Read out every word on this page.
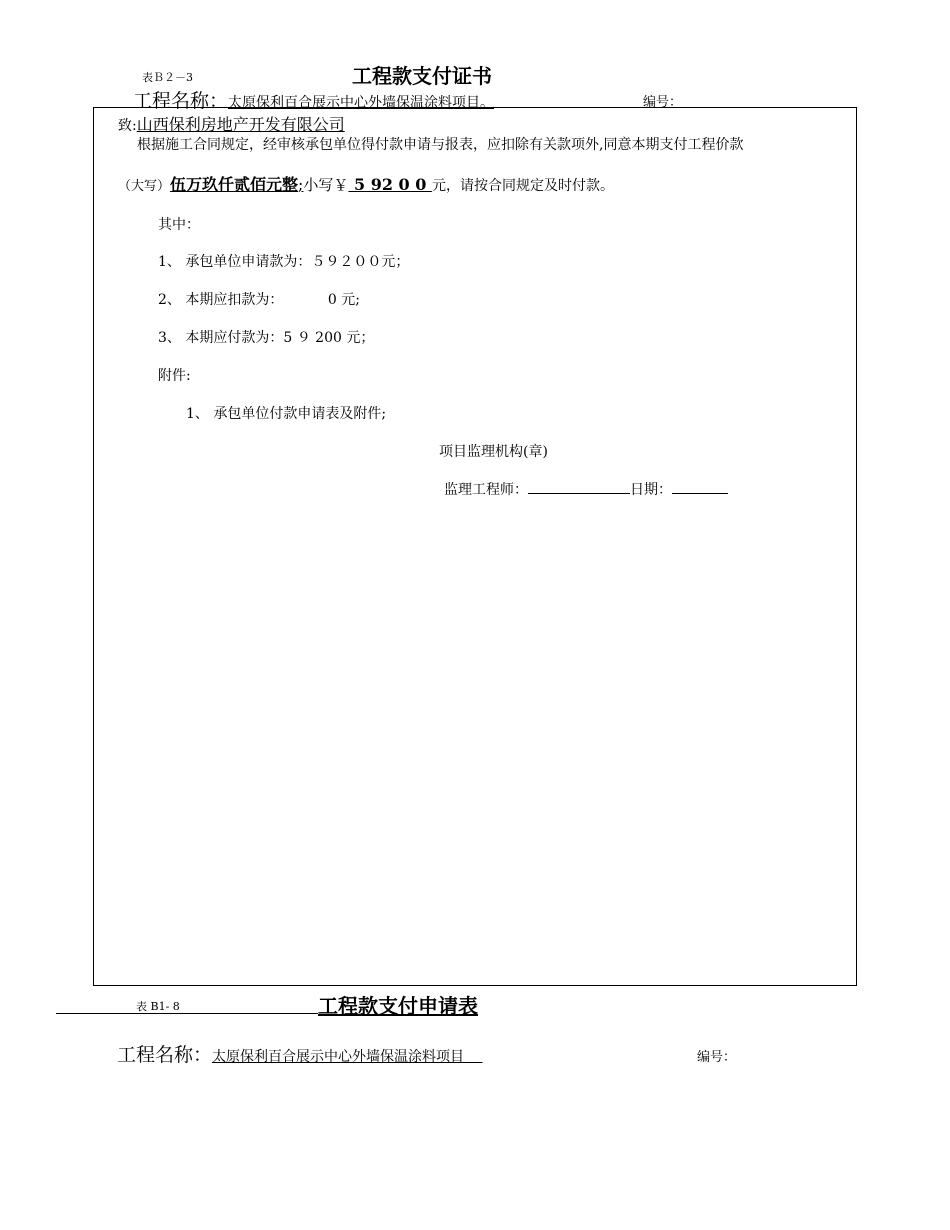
表Ｂ２－3	工程款支付证书
工程名称：太原保利百合展示中心外墙保温涂料项目。	编号：
致:山西保利房地产开发有限公司
根据施工合同规定，经审核承包单位得付款申请与报表，应扣除有关款项外,同意本期支付工程价款
（大写）伍万玖仟贰佰元整;小写￥ 5 92 0 0 元，请按合同规定及时付款。
其中：
1、 承包单位申请款为：５９２００元；
2、 本期应扣款为：          0 元;
3、 本期应付款为：5 ９ 200 元；
附件:
1、 承包单位付款申请表及附件;
项目监理机构(章)
监理工程师：	日期：
表 B1- 8	工程款支付申请表
工程名称：太原保利百合展示中心外墙保温涂料项目　	编号：
